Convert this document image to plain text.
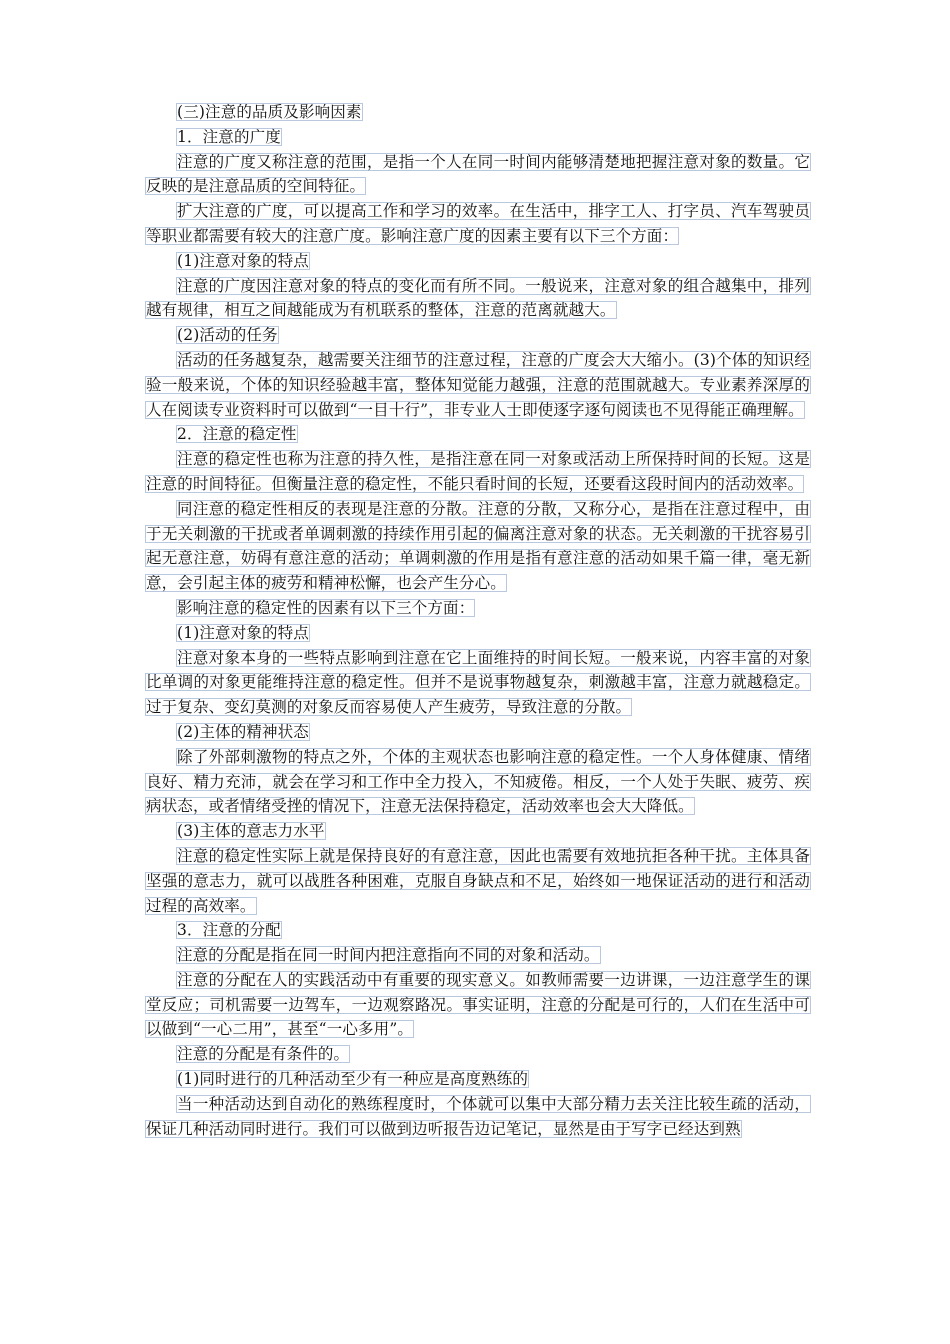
(三)注意的品质及影响因素

1．注意的广度

注意的广度又称注意的范围，是指一个人在同一时间内能够清楚地把握注意对象的数量。它反映的是注意品质的空间特征。

扩大注意的广度，可以提高工作和学习的效率。在生活中，排字工人、打字员、汽车驾驶员等职业都需要有较大的注意广度。影响注意广度的因素主要有以下三个方面：

(1)注意对象的特点

注意的广度因注意对象的特点的变化而有所不同。一般说来，注意对象的组合越集中，排列越有规律，相互之间越能成为有机联系的整体，注意的范离就越大。

(2)活动的任务

活动的任务越复杂，越需要关注细节的注意过程，注意的广度会大大缩小。(3)个体的知识经验一般来说，个体的知识经验越丰富，整体知觉能力越强，注意的范围就越大。专业素养深厚的人在阅读专业资料时可以做到“一目十行”，非专业人士即使逐字逐句阅读也不见得能正确理解。

2．注意的稳定性

注意的稳定性也称为注意的持久性，是指注意在同一对象或活动上所保持时间的长短。这是注意的时间特征。但衡量注意的稳定性，不能只看时间的长短，还要看这段时间内的活动效率。

同注意的稳定性相反的表现是注意的分散。注意的分散，又称分心，是指在注意过程中，由于无关刺激的干扰或者单调刺激的持续作用引起的偏离注意对象的状态。无关刺激的干扰容易引起无意注意，妨碍有意注意的活动；单调刺激的作用是指有意注意的活动如果千篇一律，毫无新意，会引起主体的疲劳和精神松懈，也会产生分心。

影响注意的稳定性的因素有以下三个方面：

(1)注意对象的特点

注意对象本身的一些特点影响到注意在它上面维持的时间长短。一般来说，内容丰富的对象比单调的对象更能维持注意的稳定性。但并不是说事物越复杂，刺激越丰富，注意力就越稳定。过于复杂、变幻莫测的对象反而容易使人产生疲劳，导致注意的分散。

(2)主体的精神状态

除了外部刺激物的特点之外，个体的主观状态也影响注意的稳定性。一个人身体健康、情绪良好、精力充沛，就会在学习和工作中全力投入，不知疲倦。相反，一个人处于失眠、疲劳、疾病状态，或者情绪受挫的情况下，注意无法保持稳定，活动效率也会大大降低。

(3)主体的意志力水平

注意的稳定性实际上就是保持良好的有意注意，因此也需要有效地抗拒各种干扰。主体具备坚强的意志力，就可以战胜各种困难，克服自身缺点和不足，始终如一地保证活动的进行和活动过程的高效率。

3．注意的分配

注意的分配是指在同一时间内把注意指向不同的对象和活动。

注意的分配在人的实践活动中有重要的现实意义。如教师需要一边讲课，一边注意学生的课堂反应；司机需要一边驾车，一边观察路况。事实证明，注意的分配是可行的，人们在生活中可以做到“一心二用”，甚至“一心多用”。

注意的分配是有条件的。

(1)同时进行的几种活动至少有一种应是高度熟练的

当一种活动达到自动化的熟练程度时，个体就可以集中大部分精力去关注比较生疏的活动，保证几种活动同时进行。我们可以做到边听报告边记笔记，显然是由于写字已经达到熟
